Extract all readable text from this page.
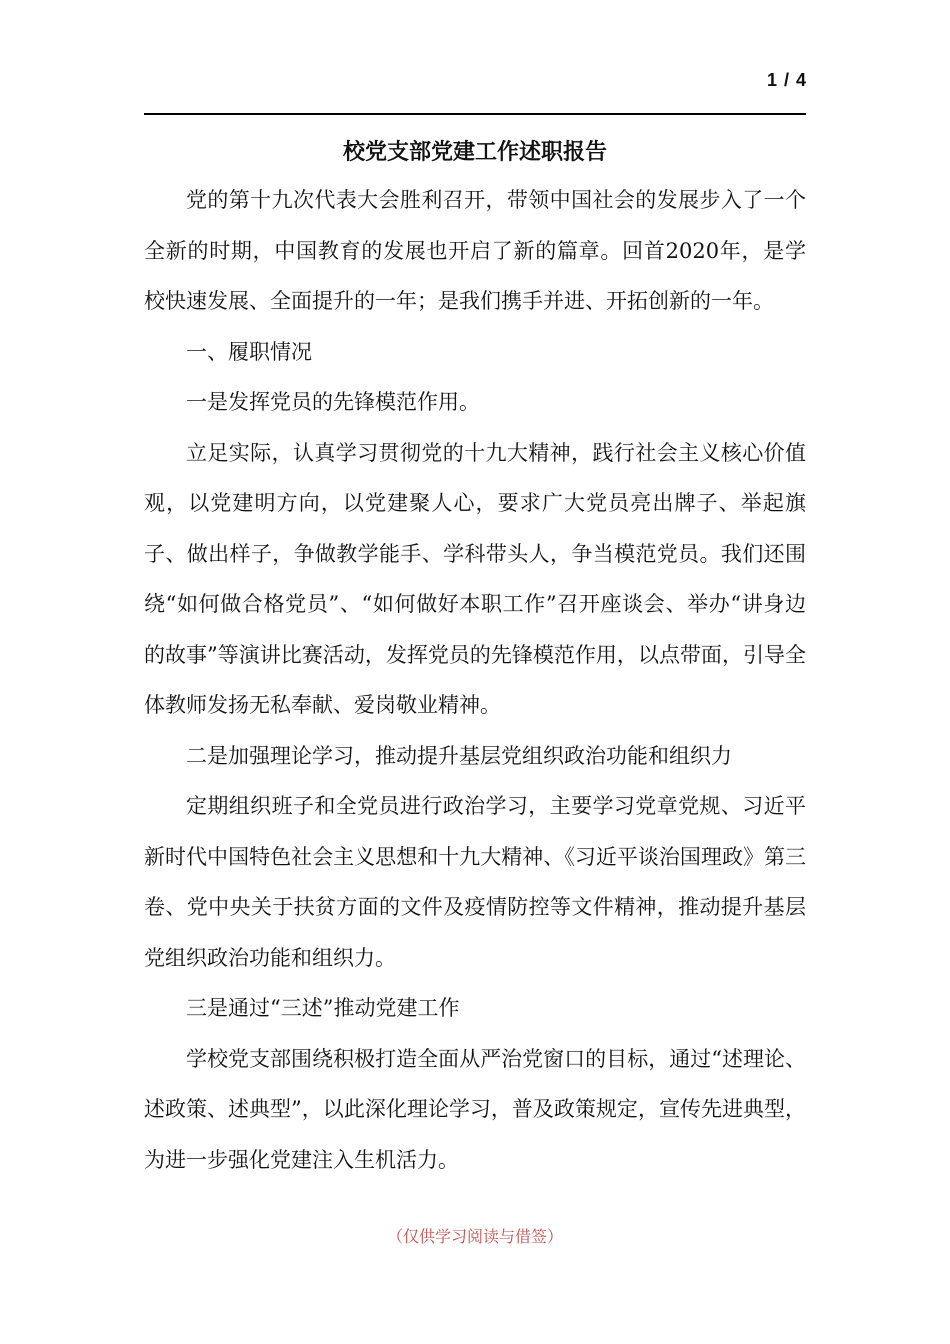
1 / 4
校党支部党建工作述职报告

党的第十九次代表大会胜利召开，带领中国社会的发展步入了一个全新的时期，中国教育的发展也开启了新的篇章。回首2020年，是学校快速发展、全面提升的一年；是我们携手并进、开拓创新的一年。

一、履职情况

一是发挥党员的先锋模范作用。

立足实际，认真学习贯彻党的十九大精神，践行社会主义核心价值观，以党建明方向，以党建聚人心，要求广大党员亮出牌子、举起旗子、做出样子，争做教学能手、学科带头人，争当模范党员。我们还围绕“如何做合格党员”、“如何做好本职工作”召开座谈会、举办“讲身边的故事”等演讲比赛活动，发挥党员的先锋模范作用，以点带面，引导全体教师发扬无私奉献、爱岗敬业精神。

二是加强理论学习，推动提升基层党组织政治功能和组织力

定期组织班子和全党员进行政治学习，主要学习党章党规、习近平新时代中国特色社会主义思想和十九大精神、《习近平谈治国理政》第三卷、党中央关于扶贫方面的文件及疫情防控等文件精神，推动提升基层党组织政治功能和组织力。

三是通过“三述”推动党建工作

学校党支部围绕积极打造全面从严治党窗口的目标，通过“述理论、述政策、述典型”，以此深化理论学习，普及政策规定，宣传先进典型，为进一步强化党建注入生机活力。

（仅供学习阅读与借签）
